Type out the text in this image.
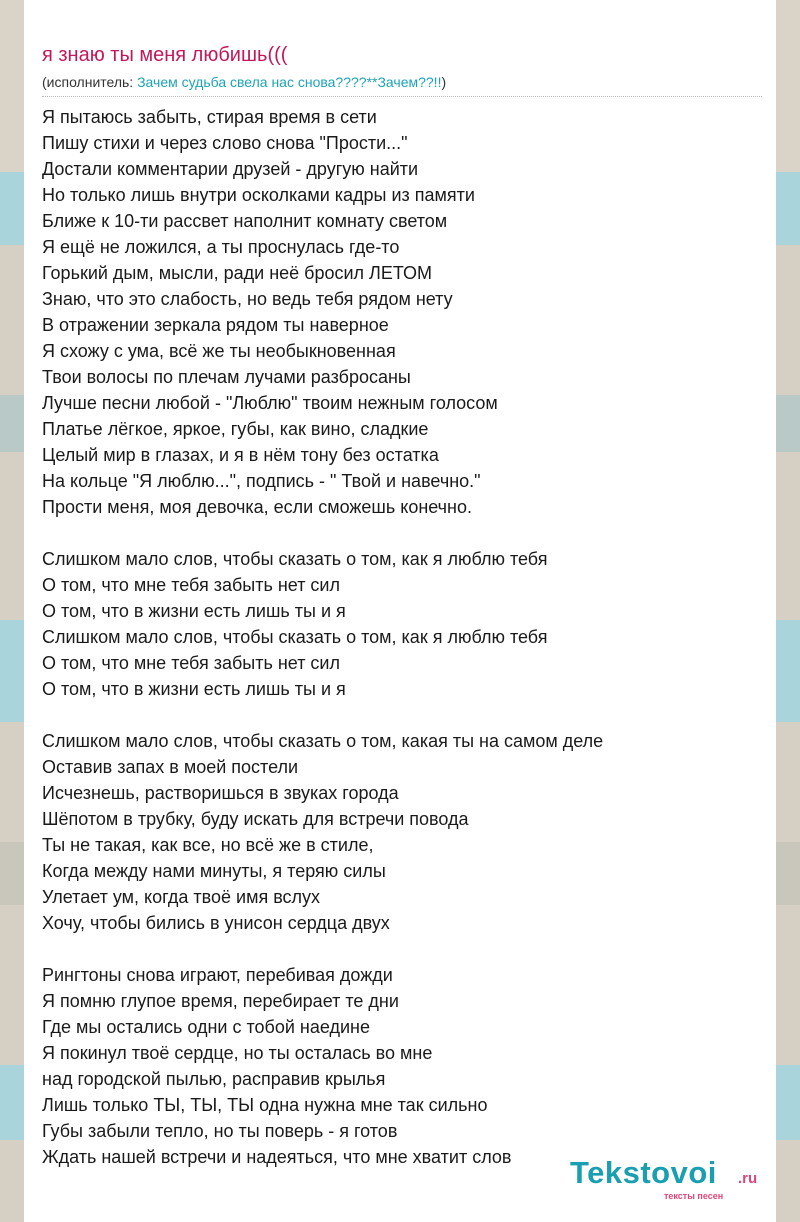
я знаю ты меня любишь(((
(исполнитель: Зачем судьба свела нас снова????**Зачем??!!)
Я пытаюсь забыть, стирая время в сети
Пишу стихи и через слово снова "Прости..."
Достали комментарии друзей - другую найти
Но только лишь внутри осколками кадры из памяти
Ближе к 10-ти рассвет наполнит комнату светом
Я ещё не ложился, а ты проснулась где-то
Горький дым, мысли, ради неё бросил ЛЕТОМ
Знаю, что это слабость, но ведь тебя рядом нету
В отражении зеркала рядом ты наверное
Я схожу с ума, всё же ты необыкновенная
Твои волосы по плечам лучами разбросаны
Лучше песни любой - "Люблю" твоим нежным голосом
Платье лёгкое, яркое, губы, как вино, сладкие
Целый мир в глазах, и я в нём тону без остатка
На кольце "Я люблю...", подпись - " Твой и навечно."
Прости меня, моя девочка, если сможешь конечно.
Слишком мало слов, чтобы сказать о том, как я люблю тебя
О том, что мне тебя забыть нет сил
О том, что в жизни есть лишь ты и я
Слишком мало слов, чтобы сказать о том, как я люблю тебя
О том, что мне тебя забыть нет сил
О том, что в жизни есть лишь ты и я
Слишком мало слов, чтобы сказать о том, какая ты на самом деле
Оставив запах в моей постели
Исчезнешь, растворишься в звуках города
Шёпотом в трубку, буду искать для встречи повода
Ты не такая, как все, но всё же в стиле,
Когда между нами минуты, я теряю силы
Улетает ум, когда твоё имя вслух
Хочу, чтобы бились в унисон сердца двух
Рингтоны снова играют, перебивая дожди
Я помню глупое время, перебирает те дни
Где мы остались одни с тобой наедине
Я покинул твоё сердце, но ты осталась во мне
над городской пылью, расправив крылья
Лишь только ТЫ, ТЫ, ТЫ одна нужна мне так сильно
Губы забыли тепло, но ты поверь - я готов
Ждать нашей встречи и надеяться, что мне хватит слов	Tekstovoi .ru
тексты песен
